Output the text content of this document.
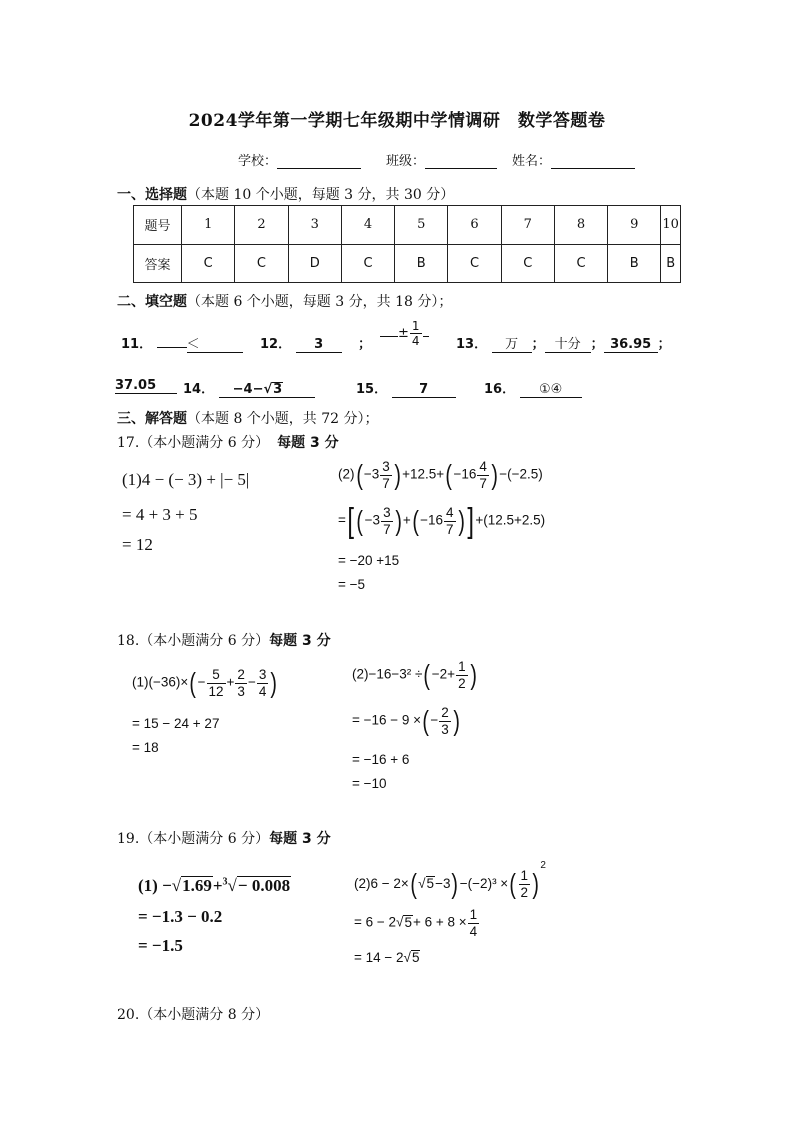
2024学年第一学期七年级期中学情调研　数学答题卷
学校：	班级：	姓名：
一、选择题（本题 10 个小题，每题 3 分，共 30 分）
题号	1	2	3	4	5	6	7	8	9	10
答案	C	C	D	C	B	C	C	C	B	B
二、填空题（本题 6 个小题，每题 3 分，共 18 分）；
11．	＜	12． 3	；
± $\frac{1}{4}$	13． 万 ； 十分 ； 36.95 ；
37.05	14． −4−√3	15． 7	16． ①④
三、解答题（本题 8 个小题，共 72 分）；
17.（本小题满分 6 分） 每题 3 分
(1)4 − (− 3) + |− 5|
= 4 + 3 + 5
= 12
$(2)(-3 \frac{3}{7} )+12.5+(-16 \frac{4}{7} )-(-2.5)$
=[ $(-3 \frac{3}{7} )+(-16 \frac{4}{7} )]+(12.5+2.5)$
= −20 +15
= −5
18.（本小题满分 6 分）每题 3 分
$(1)(-36)\times(- \frac{5}{12} + \frac{2}{3} - \frac{3}{4}$ )
= 15 − 24 + 27
= 18
$(2)-16-3^2 \div(-2+ \frac{1}{2}$ )
= −16 − 9 ×(− $\frac{2}{3}$ )
= −16 + 6
= −10
19.（本小题满分 6 分）每题 3 分
(1) −√1.69+$^3$√− 0.008
= −1.3 − 0.2
= −1.5
(2)6 − 2×(√5−3)−(−2)³ ×( $\frac{1}{2} )^2$
= $6 - 2√5+ 6 + 8 \times \frac{1}{4}$
= 14 − 2√5
20.（本小题满分 8 分）
